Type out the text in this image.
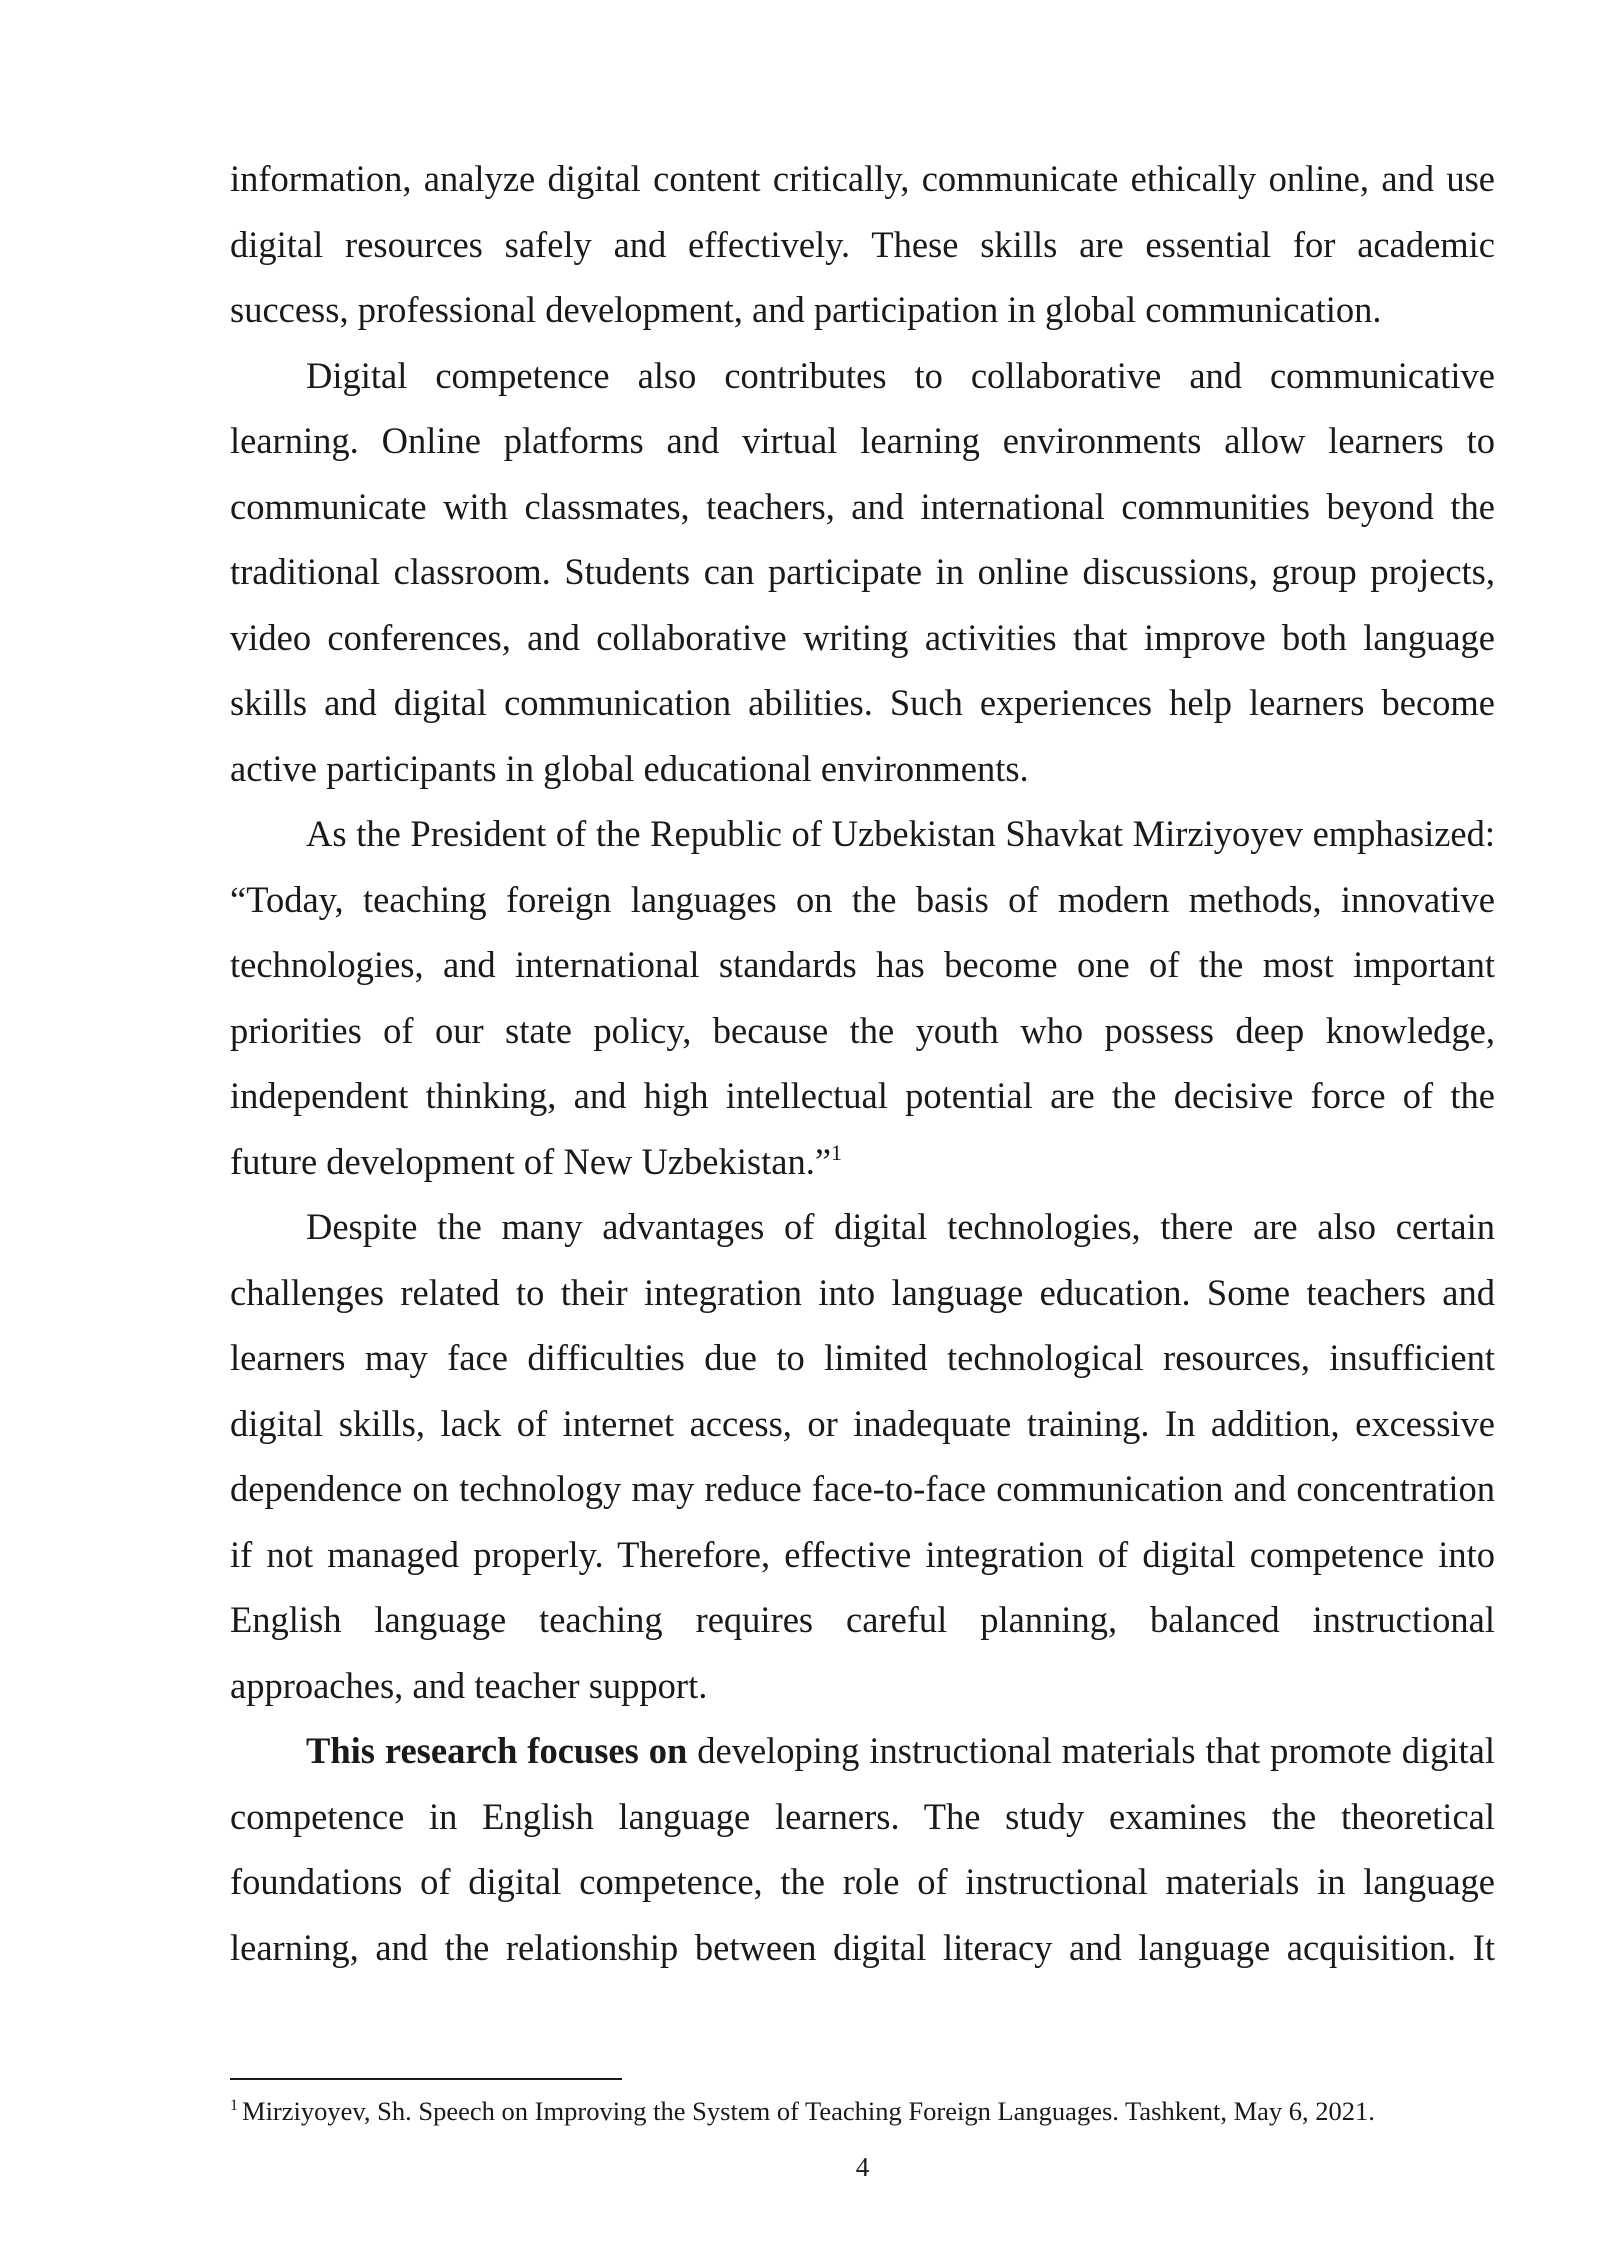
information, analyze digital content critically, communicate ethically online, and use digital resources safely and effectively. These skills are essential for academic success, professional development, and participation in global communication.

Digital competence also contributes to collaborative and communicative learning. Online platforms and virtual learning environments allow learners to communicate with classmates, teachers, and international communities beyond the traditional classroom. Students can participate in online discussions, group projects, video conferences, and collaborative writing activities that improve both language skills and digital communication abilities. Such experiences help learners become active participants in global educational environments.

As the President of the Republic of Uzbekistan Shavkat Mirziyoyev emphasized: “Today, teaching foreign languages on the basis of modern methods, innovative technologies, and international standards has become one of the most important priorities of our state policy, because the youth who possess deep knowledge, independent thinking, and high intellectual potential are the decisive force of the future development of New Uzbekistan.”$^1$

Despite the many advantages of digital technologies, there are also certain challenges related to their integration into language education. Some teachers and learners may face difficulties due to limited technological resources, insufficient digital skills, lack of internet access, or inadequate training. In addition, excessive dependence on technology may reduce face-to-face communication and concentration if not managed properly. Therefore, effective integration of digital competence into English language teaching requires careful planning, balanced instructional approaches, and teacher support.

This research focuses on developing instructional materials that promote digital competence in English language learners. The study examines the theoretical foundations of digital competence, the role of instructional materials in language learning, and the relationship between digital literacy and language acquisition. It

$^1$ Mirziyoyev, Sh. Speech on Improving the System of Teaching Foreign Languages. Tashkent, May 6, 2021.
4
